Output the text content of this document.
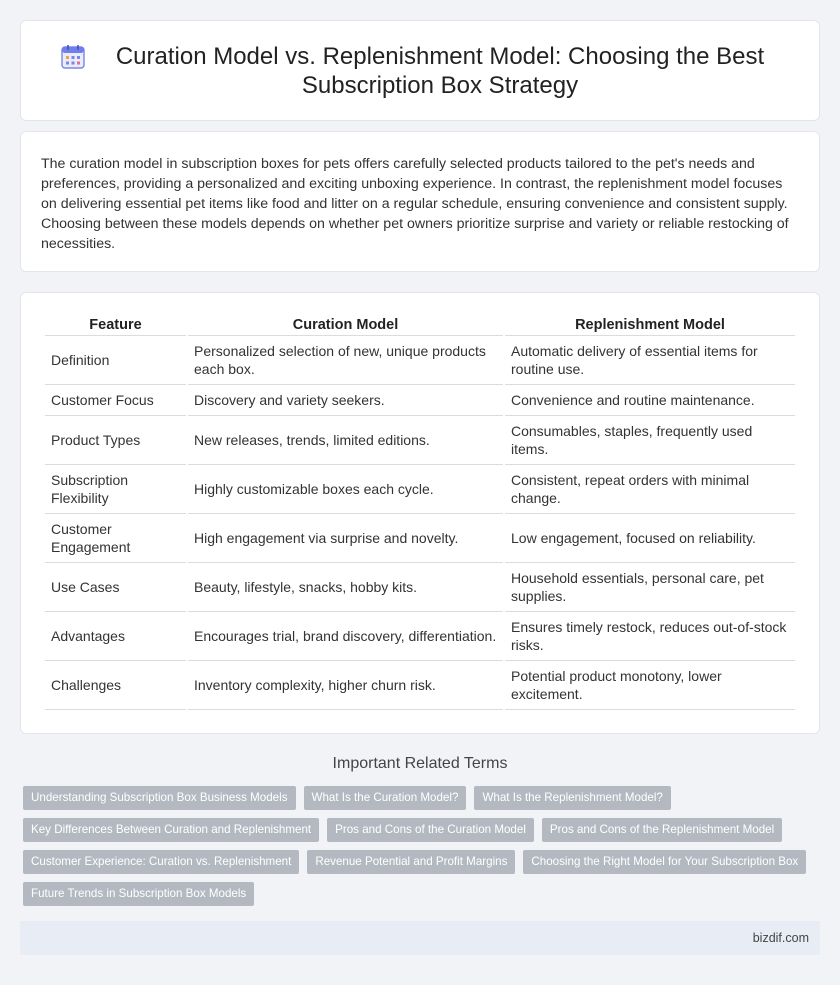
Curation Model vs. Replenishment Model: Choosing the Best Subscription Box Strategy

The curation model in subscription boxes for pets offers carefully selected products tailored to the pet's needs and preferences, providing a personalized and exciting unboxing experience. In contrast, the replenishment model focuses on delivering essential pet items like food and litter on a regular schedule, ensuring convenience and consistent supply. Choosing between these models depends on whether pet owners prioritize surprise and variety or reliable restocking of necessities.

Feature	Curation Model	Replenishment Model
Definition	Personalized selection of new, unique products each box.	Automatic delivery of essential items for routine use.
Customer Focus	Discovery and variety seekers.	Convenience and routine maintenance.
Product Types	New releases, trends, limited editions.	Consumables, staples, frequently used items.
Subscription Flexibility	Highly customizable boxes each cycle.	Consistent, repeat orders with minimal change.
Customer Engagement	High engagement via surprise and novelty.	Low engagement, focused on reliability.
Use Cases	Beauty, lifestyle, snacks, hobby kits.	Household essentials, personal care, pet supplies.
Advantages	Encourages trial, brand discovery, differentiation.	Ensures timely restock, reduces out-of-stock risks.
Challenges	Inventory complexity, higher churn risk.	Potential product monotony, lower excitement.
Important Related Terms
Understanding Subscription Box Business Models	What Is the Curation Model?	What Is the Replenishment Model?
Key Differences Between Curation and Replenishment	Pros and Cons of the Curation Model	Pros and Cons of the Replenishment Model
Customer Experience: Curation vs. Replenishment	Revenue Potential and Profit Margins	Choosing the Right Model for Your Subscription Box
Future Trends in Subscription Box Models
bizdif.com
